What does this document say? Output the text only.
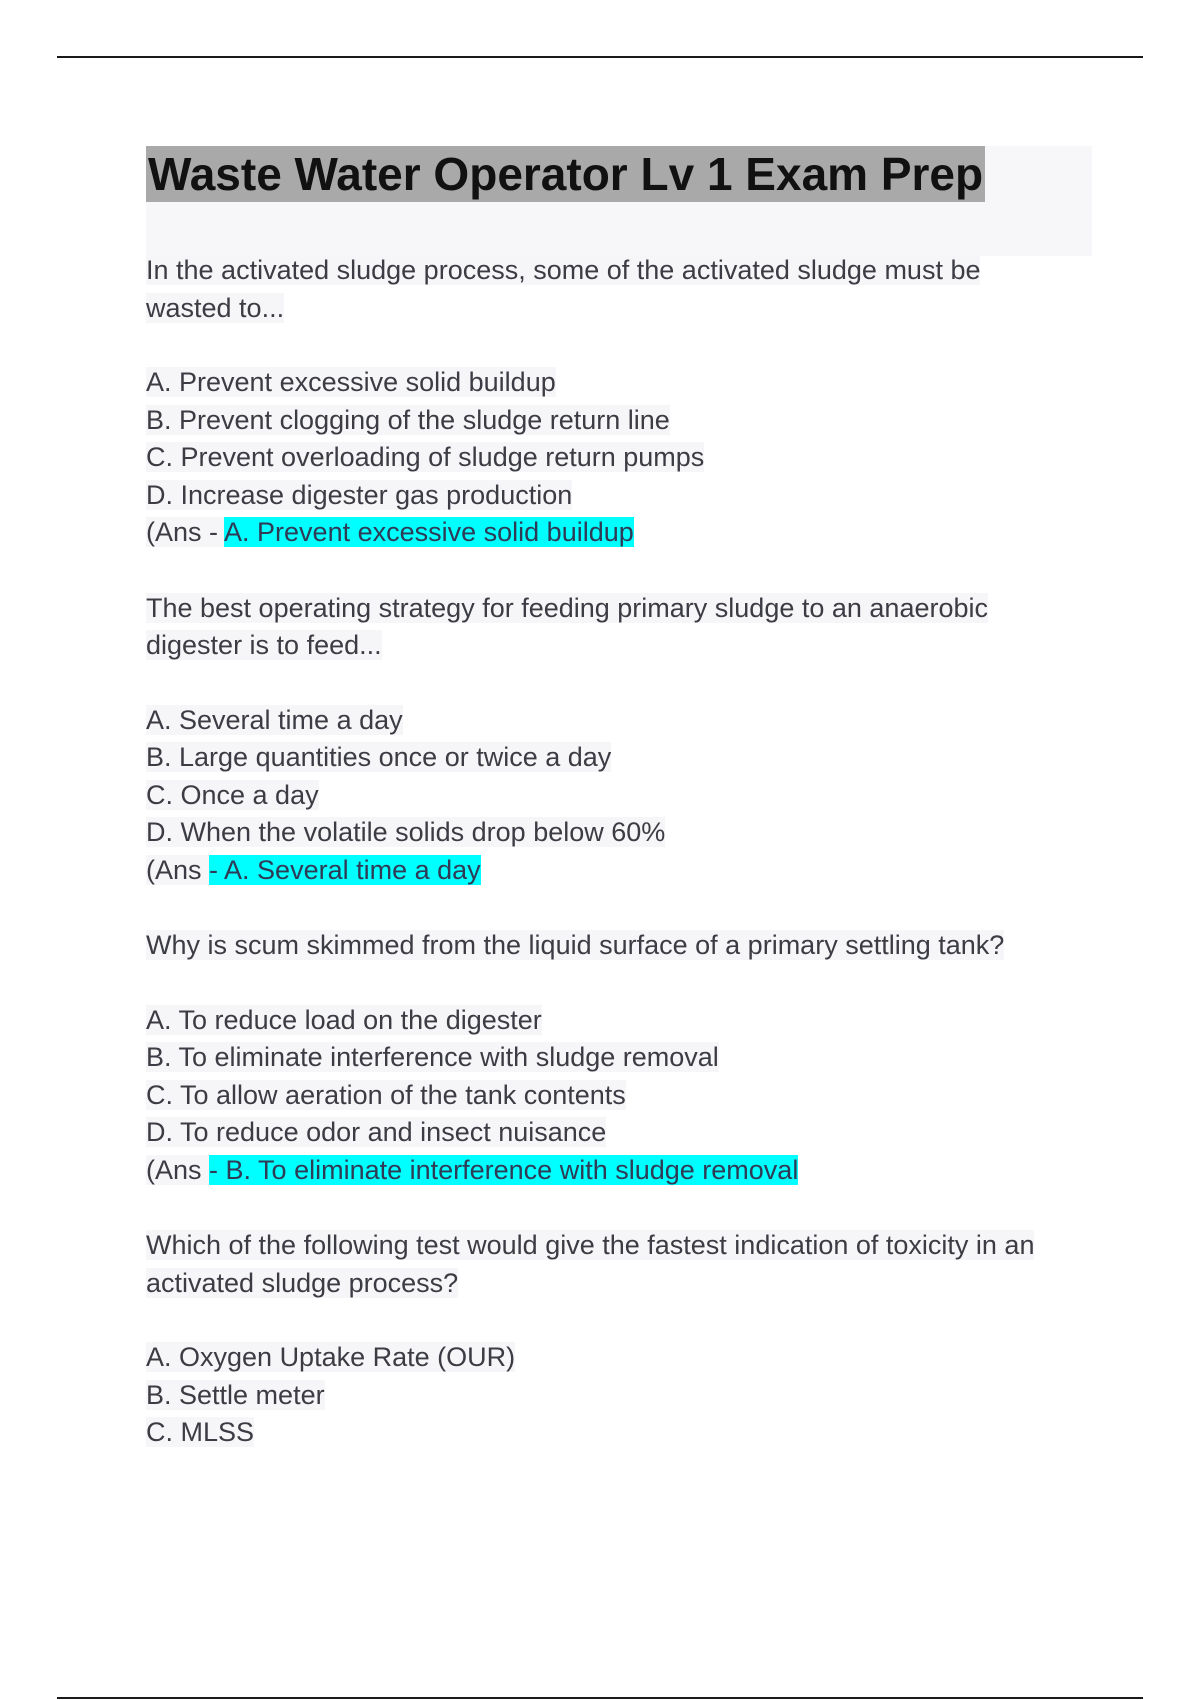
Waste Water Operator Lv 1 Exam Prep
In the activated sludge process, some of the activated sludge must be
wasted to...
A. Prevent excessive solid buildup
B. Prevent clogging of the sludge return line
C. Prevent overloading of sludge return pumps
D. Increase digester gas production
(Ans - A. Prevent excessive solid buildup
The best operating strategy for feeding primary sludge to an anaerobic
digester is to feed...
A. Several time a day
B. Large quantities once or twice a day
C. Once a day
D. When the volatile solids drop below 60%
(Ans - A. Several time a day
Why is scum skimmed from the liquid surface of a primary settling tank?
A. To reduce load on the digester
B. To eliminate interference with sludge removal
C. To allow aeration of the tank contents
D. To reduce odor and insect nuisance
(Ans - B. To eliminate interference with sludge removal
Which of the following test would give the fastest indication of toxicity in an
activated sludge process?
A. Oxygen Uptake Rate (OUR)
B. Settle meter
C. MLSS
